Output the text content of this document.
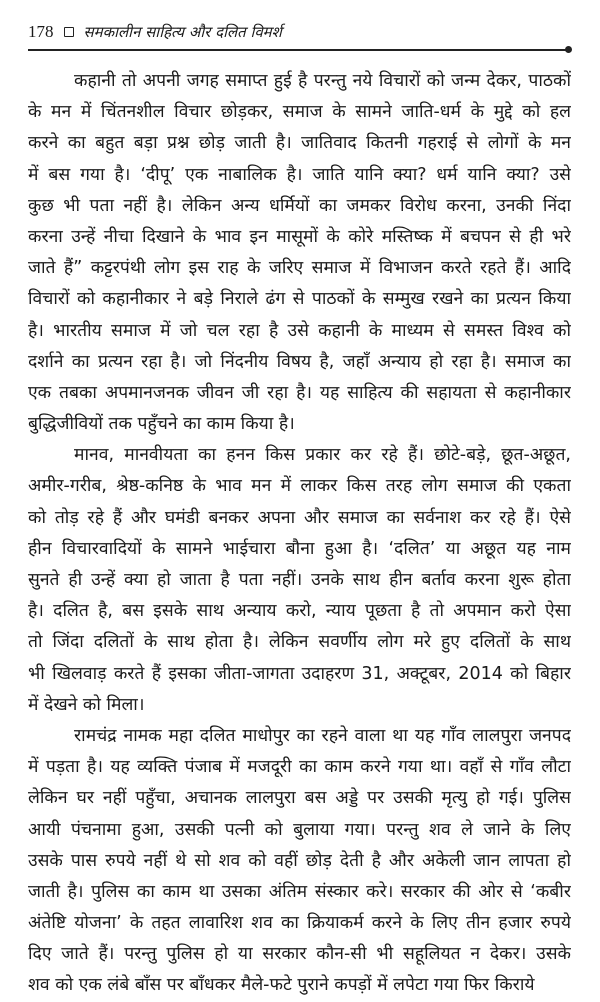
178 समकालीन साहित्य और दलित विमर्श
कहानी तो अपनी जगह समाप्त हुई है परन्तु नये विचारों को जन्म देकर, पाठकों
के मन में चिंतनशील विचार छोड़कर, समाज के सामने जाति-धर्म के मुद्दे को हल
करने का बहुत बड़ा प्रश्न छोड़ जाती है। जातिवाद कितनी गहराई से लोगों के मन
में बस गया है। ‘दीपू’ एक नाबालिक है। जाति यानि क्या? धर्म यानि क्या? उसे
कुछ भी पता नहीं है। लेकिन अन्य धर्मियों का जमकर विरोध करना, उनकी निंदा
करना उन्हें नीचा दिखाने के भाव इन मासूमों के कोरे मस्तिष्क में बचपन से ही भरे
जाते हैं” कट्टरपंथी लोग इस राह के जरिए समाज में विभाजन करते रहते हैं। आदि
विचारों को कहानीकार ने बड़े निराले ढंग से पाठकों के सम्मुख रखने का प्रत्यन किया
है। भारतीय समाज में जो चल रहा है उसे कहानी के माध्यम से समस्त विश्व को
दर्शाने का प्रत्यन रहा है। जो निंदनीय विषय है, जहाँ अन्याय हो रहा है। समाज का
एक तबका अपमानजनक जीवन जी रहा है। यह साहित्य की सहायता से कहानीकार
बुद्धिजीवियों तक पहुँचने का काम किया है।
मानव, मानवीयता का हनन किस प्रकार कर रहे हैं। छोटे-बड़े, छूत-अछूत,
अमीर-गरीब, श्रेष्ठ-कनिष्ठ के भाव मन में लाकर किस तरह लोग समाज की एकता
को तोड़ रहे हैं और घमंडी बनकर अपना और समाज का सर्वनाश कर रहे हैं। ऐसे
हीन विचारवादियों के सामने भाईचारा बौना हुआ है। ‘दलित’ या अछूत यह नाम
सुनते ही उन्हें क्या हो जाता है पता नहीं। उनके साथ हीन बर्ताव करना शुरू होता
है। दलित है, बस इसके साथ अन्याय करो, न्याय पूछता है तो अपमान करो ऐसा
तो जिंदा दलितों के साथ होता है। लेकिन सवर्णीय लोग मरे हुए दलितों के साथ
भी खिलवाड़ करते हैं इसका जीता-जागता उदाहरण 31, अक्टूबर, 2014 को बिहार
में देखने को मिला।
रामचंद्र नामक महा दलित माधोपुर का रहने वाला था यह गाँव लालपुरा जनपद
में पड़ता है। यह व्यक्ति पंजाब में मजदूरी का काम करने गया था। वहाँ से गाँव लौटा
लेकिन घर नहीं पहुँचा, अचानक लालपुरा बस अड्डे पर उसकी मृत्यु हो गई। पुलिस
आयी पंचनामा हुआ, उसकी पत्नी को बुलाया गया। परन्तु शव ले जाने के लिए
उसके पास रुपये नहीं थे सो शव को वहीं छोड़ देती है और अकेली जान लापता हो
जाती है। पुलिस का काम था उसका अंतिम संस्कार करे। सरकार की ओर से ‘कबीर
अंतेष्टि योजना’ के तहत लावारिश शव का क्रियाकर्म करने के लिए तीन हजार रुपये
दिए जाते हैं। परन्तु पुलिस हो या सरकार कौन-सी भी सहूलियत न देकर। उसके
शव को एक लंबे बाँस पर बाँधकर मैले-फटे पुराने कपड़ों में लपेटा गया फिर किराये
